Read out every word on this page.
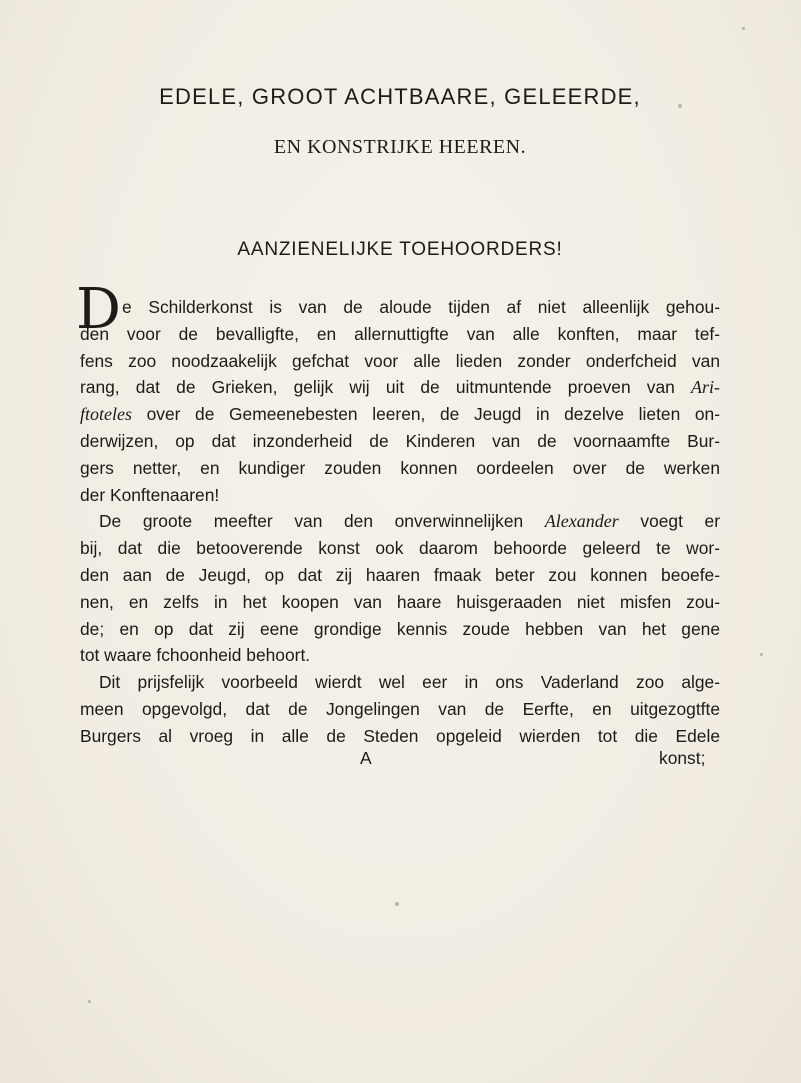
EDELE, GROOT ACHTBAARE, GELEERDE,
EN KONSTRIJKE HEEREN.
AANZIENELIJKE TOEHOORDERS!
D e Schilderkonst is van de aloude tijden af niet alleenlijk gehou-
den voor de bevalligfte, en allernuttigfte van alle konften, maar tef-
fens zoo noodzaakelijk gefchat voor alle lieden zonder onderfcheid van
rang, dat de Grieken, gelijk wij uit de uitmuntende proeven van Ari-
ftoteles over de Gemeenebesten leeren, de Jeugd in dezelve lieten on-
derwijzen, op dat inzonderheid de Kinderen van de voornaamfte Bur-
gers netter, en kundiger zouden konnen oordeelen over de werken
der Konftenaaren!
De groote meefter van den onverwinnelijken Alexander voegt er
bij, dat die betooverende konst ook daarom behoorde geleerd te wor-
den aan de Jeugd, op dat zij haaren fmaak beter zou konnen beoefe-
nen, en zelfs in het koopen van haare huisgeraaden niet misfen zou-
de; en op dat zij eene grondige kennis zoude hebben van het gene
tot waare fchoonheid behoort.
Dit prijsfelijk voorbeeld wierdt wel eer in ons Vaderland zoo alge-
meen opgevolgd, dat de Jongelingen van de Eerfte, en uitgezogtfte
Burgers al vroeg in alle de Steden opgeleid wierden tot die Edele
A	konst;
